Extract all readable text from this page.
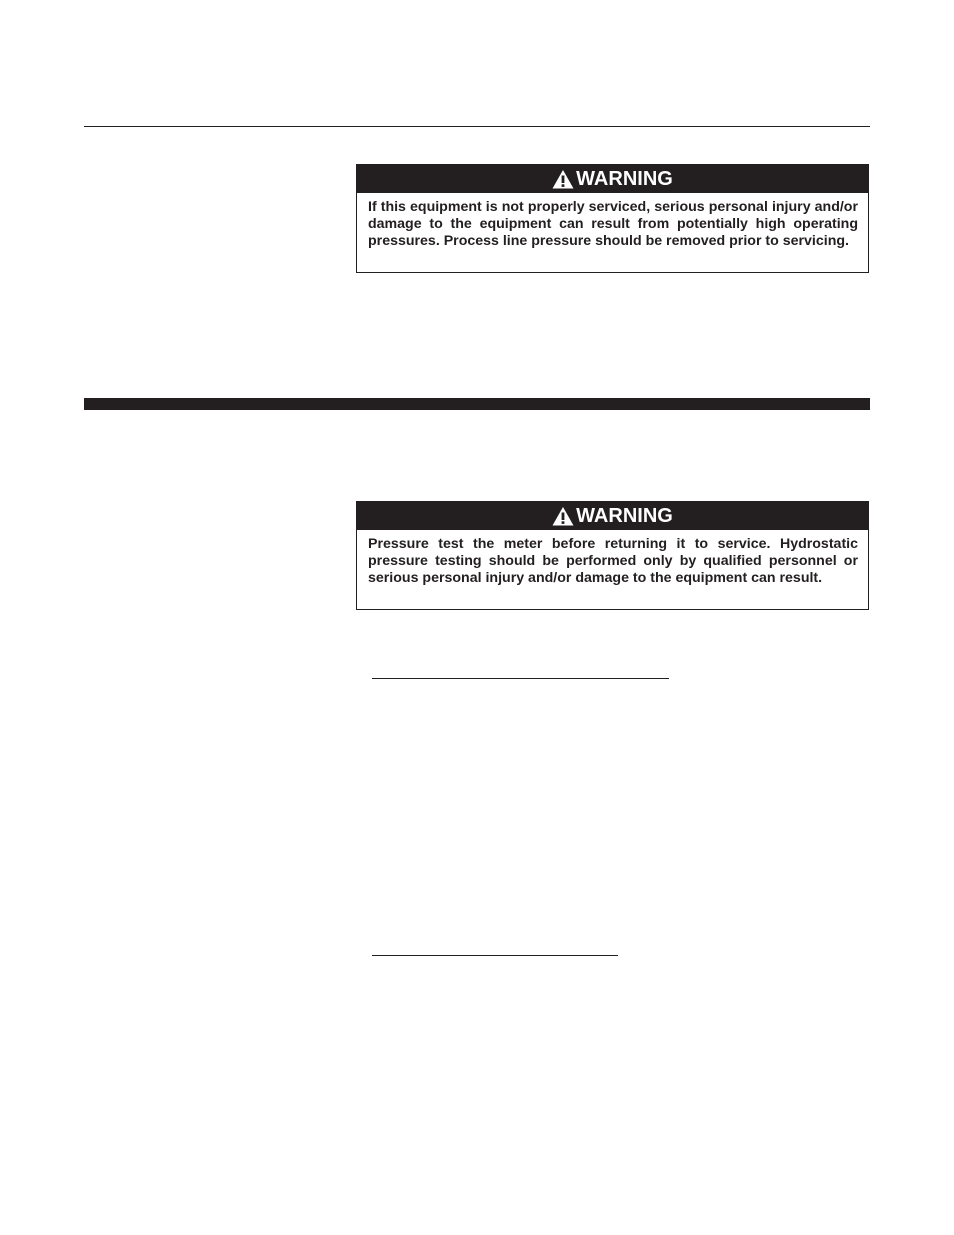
WARNING
If this equipment is not properly serviced, serious personal injury and/or damage to the equipment can result from potentially high operating pressures. Process line pressure should be removed prior to servicing.
WARNING
Pressure test the meter before returning it to service. Hydrostatic pressure testing should be performed only by qualified personnel or serious personal injury and/or damage to the equipment can result.
